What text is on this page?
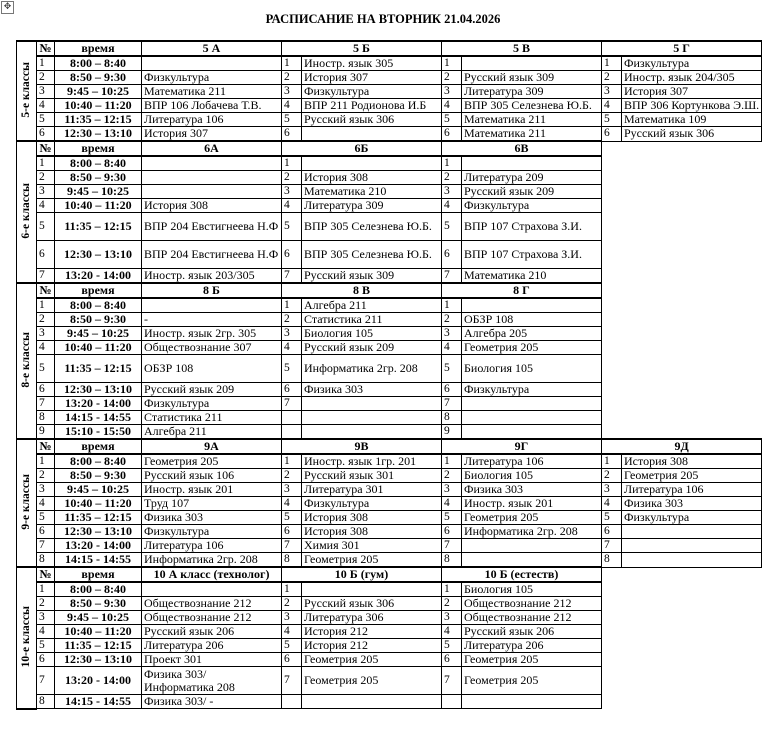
✥
РАСПИСАНИЕ НА ВТОРНИК 21.04.2026
5-е классы	№	время	5 А	5 Б		5 В		5 Г	
	1	8:00 – 8:40		1	Иностр. язык 305	1		1	Физкультура
	2	8:50 – 9:30	Физкультура	2	История 307	2	Русский язык 309	2	Иностр. язык 204/305
	3	9:45 – 10:25	Математика 211	3	Физкультура	3	Литература 309	3	История 307
	4	10:40 – 11:20	ВПР 106 Лобачева Т.В.	4	ВПР 211 Родионова И.Б	4	ВПР 305 Селезнева Ю.Б.	4	ВПР 306 Кортункова Э.Ш.
	5	11:35 – 12:15	Литература 106	5	Русский язык 306	5	Математика 211	5	Математика 109
	6	12:30 – 13:10	История 307	6		6	Математика 211	6	Русский язык 306
6-е классы	№	время	6А	6Б		6В			
	1	8:00 – 8:40		1		1			
	2	8:50 – 9:30		2	История 308	2	Литература 209		
	3	9:45 – 10:25		3	Математика 210	3	Русский язык 209		
	4	10:40 – 11:20	История 308	4	Литература 309	4	Физкультура		
	5	11:35 – 12:15	ВПР 204 Евстигнеева Н.Ф	5	ВПР 305 Селезнева Ю.Б.	5	ВПР 107 Страхова З.И.		
	6	12:30 – 13:10	ВПР 204 Евстигнеева Н.Ф	6	ВПР 305 Селезнева Ю.Б.	6	ВПР 107 Страхова З.И.		
	7	13:20 - 14:00	Иностр. язык 203/305	7	Русский язык 309	7	Математика 210		
8-е классы	№	время	8 Б	8 В		8 Г			
	1	8:00 – 8:40		1	Алгебра 211	1			
	2	8:50 – 9:30	-	2	Статистика 211	2	ОБЗР 108		
	3	9:45 – 10:25	Иностр. язык 2гр. 305	3	Биология 105	3	Алгебра 205		
	4	10:40 – 11:20	Обществознание 307	4	Русский язык 209	4	Геометрия 205		
	5	11:35 – 12:15	ОБЗР 108	5	Информатика 2гр. 208	5	Биология 105		
	6	12:30 – 13:10	Русский язык 209	6	Физика 303	6	Физкультура		
	7	13:20 - 14:00	Физкультура	7		7			
	8	14:15 - 14:55	Статистика 211			8			
	9	15:10 - 15:50	Алгебра 211			9			
9-е классы	№	время	9А	9В		9Г		9Д	
	1	8:00 – 8:40	Геометрия 205	1	Иностр. язык 1гр. 201	1	Литература 106	1	История 308
	2	8:50 – 9:30	Русский язык 106	2	Русский язык 301	2	Биология 105	2	Геометрия 205
	3	9:45 – 10:25	Иностр. язык 201	3	Литература 301	3	Физика 303	3	Литература 106
	4	10:40 – 11:20	Труд 107	4	Физкультура	4	Иностр. язык 201	4	Физика 303
	5	11:35 – 12:15	Физика 303	5	История 308	5	Геометрия 205	5	Физкультура
	6	12:30 – 13:10	Физкультура	6	История 308	6	Информатика 2гр. 208	6	
	7	13:20 - 14:00	Литература 106	7	Химия 301	7		7	
	8	14:15 - 14:55	Информатика 2гр. 208	8	Геометрия 205	8		8	
10-е классы	№	время	10 А класс (технолог)	10 Б (гум)		10 Б (естеств)			
	1	8:00 – 8:40		1		1	Биология 105		
	2	8:50 – 9:30	Обществознание 212	2	Русский язык 306	2	Обществознание 212		
	3	9:45 – 10:25	Обществознание 212	3	Литература 306	3	Обществознание 212		
	4	10:40 – 11:20	Русский язык 206	4	История 212	4	Русский язык 206		
	5	11:35 – 12:15	Литература 206	5	История 212	5	Литература 206		
	6	12:30 – 13:10	Проект 301	6	Геометрия 205	6	Геометрия 205		
	7	13:20 - 14:00	Физика 303/ Информатика 208	7	Геометрия 205	7	Геометрия 205		
	8	14:15 - 14:55	Физика 303/ -						
